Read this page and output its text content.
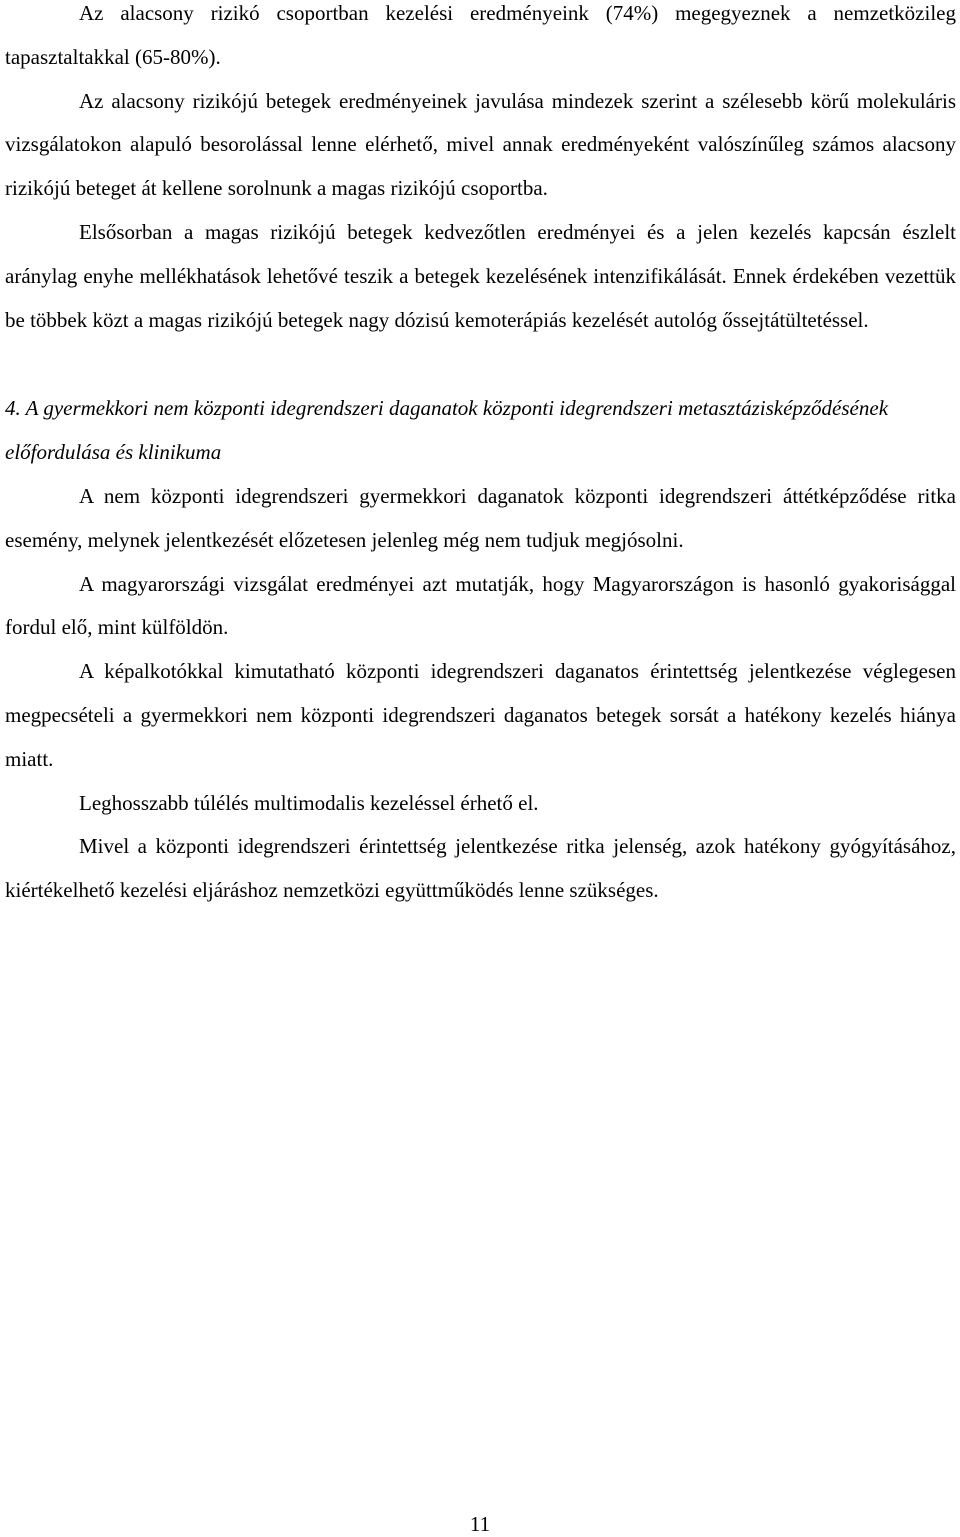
Az alacsony rizikó csoportban kezelési eredményeink (74%) megegyeznek a nemzetközileg tapasztaltakkal (65-80%).

Az alacsony rizikójú betegek eredményeinek javulása mindezek szerint a szélesebb körű molekuláris vizsgálatokon alapuló besorolással lenne elérhető, mivel annak eredményeként valószínűleg számos alacsony rizikójú beteget át kellene sorolnunk a magas rizikójú csoportba.

Elsősorban a magas rizikójú betegek kedvezőtlen eredményei és a jelen kezelés kapcsán észlelt aránylag enyhe mellékhatások lehetővé teszik a betegek kezelésének intenzifikálását. Ennek érdekében vezettük be többek közt a magas rizikójú betegek nagy dózisú kemoterápiás kezelését autológ őssejtátültetéssel.

4. A gyermekkori nem központi idegrendszeri daganatok központi idegrendszeri metasztázisképződésének előfordulása és klinikuma

A nem központi idegrendszeri gyermekkori daganatok központi idegrendszeri áttétképződése ritka esemény, melynek jelentkezését előzetesen jelenleg még nem tudjuk megjósolni.

A magyarországi vizsgálat eredményei azt mutatják, hogy Magyarországon is hasonló gyakorisággal fordul elő, mint külföldön.

A képalkotókkal kimutatható központi idegrendszeri daganatos érintettség jelentkezése véglegesen megpecsételi a gyermekkori nem központi idegrendszeri daganatos betegek sorsát a hatékony kezelés hiánya miatt.

Leghosszabb túlélés multimodalis kezeléssel érhető el.

Mivel a központi idegrendszeri érintettség jelentkezése ritka jelenség, azok hatékony gyógyításához, kiértékelhető kezelési eljáráshoz nemzetközi együttműködés lenne szükséges.

11
